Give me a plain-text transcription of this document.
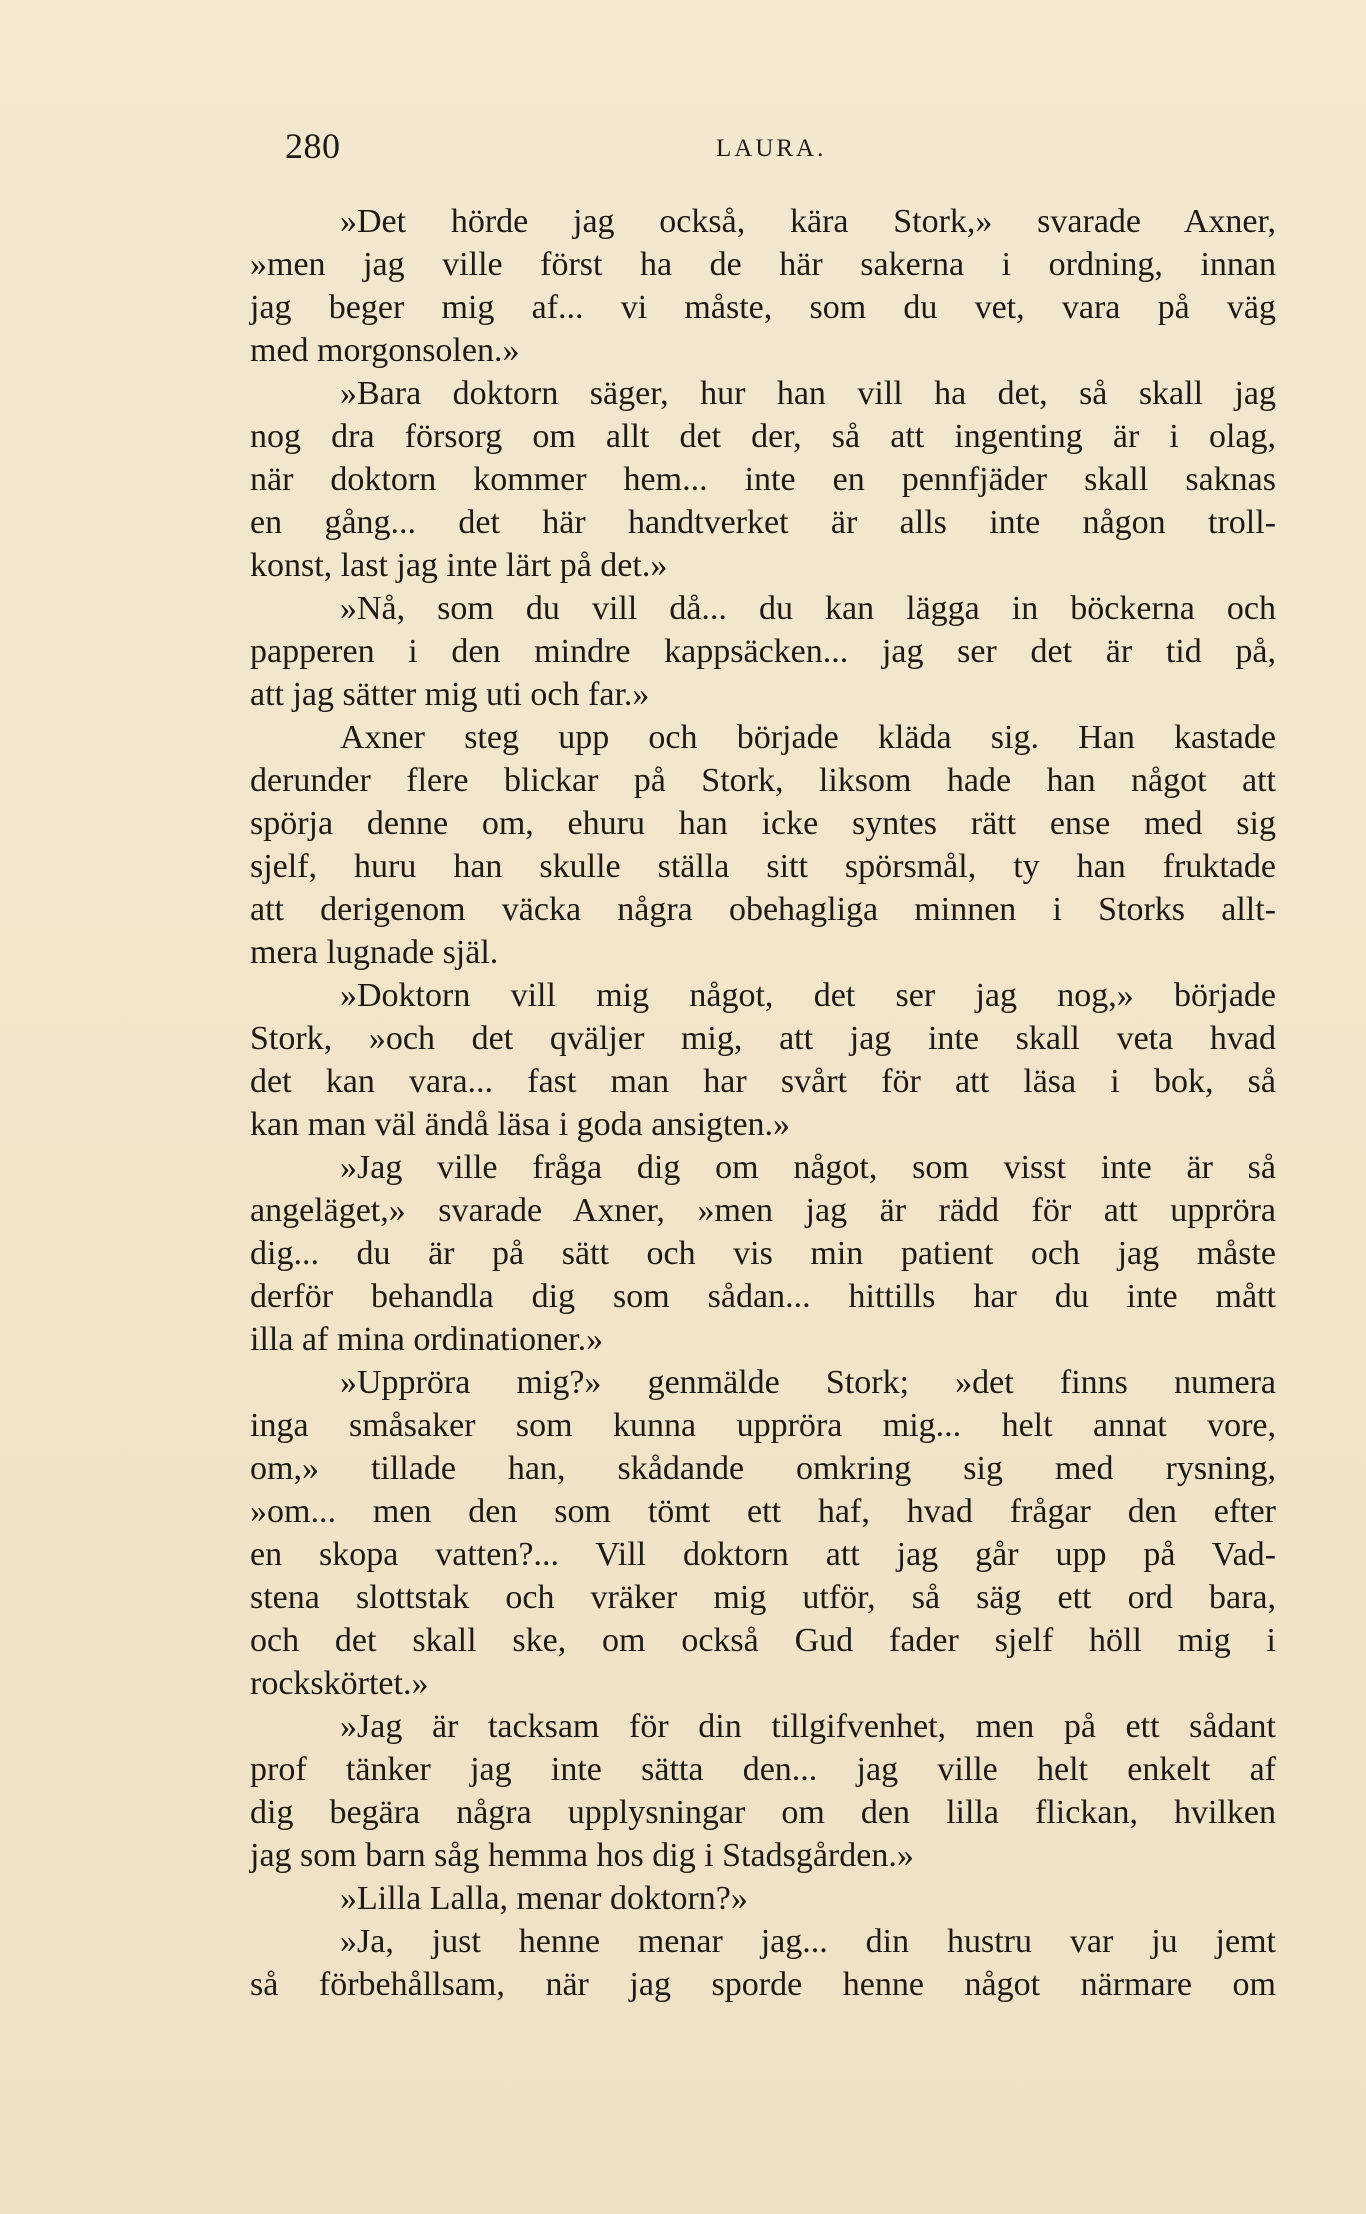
280	LAURA.
»Det hörde jag också, kära Stork,» svarade Axner,
»men jag ville först ha de här sakerna i ordning, innan
jag beger mig af... vi måste, som du vet, vara på väg
med morgonsolen.»
»Bara doktorn säger, hur han vill ha det, så skall jag
nog dra försorg om allt det der, så att ingenting är i olag,
när doktorn kommer hem... inte en pennfjäder skall saknas
en gång... det här handtverket är alls inte någon troll-
konst, last jag inte lärt på det.»
»Nå, som du vill då... du kan lägga in böckerna och
papperen i den mindre kappsäcken... jag ser det är tid på,
att jag sätter mig uti och far.»
Axner steg upp och började kläda sig. Han kastade
derunder flere blickar på Stork, liksom hade han något att
spörja denne om, ehuru han icke syntes rätt ense med sig
sjelf, huru han skulle ställa sitt spörsmål, ty han fruktade
att derigenom väcka några obehagliga minnen i Storks allt-
mera lugnade själ.
»Doktorn vill mig något, det ser jag nog,» började
Stork, »och det qväljer mig, att jag inte skall veta hvad
det kan vara... fast man har svårt för att läsa i bok, så
kan man väl ändå läsa i goda ansigten.»
»Jag ville fråga dig om något, som visst inte är så
angeläget,» svarade Axner, »men jag är rädd för att uppröra
dig... du är på sätt och vis min patient och jag måste
derför behandla dig som sådan... hittills har du inte mått
illa af mina ordinationer.»
»Uppröra mig?» genmälde Stork; »det finns numera
inga småsaker som kunna uppröra mig... helt annat vore,
om,» tillade han, skådande omkring sig med rysning,
»om... men den som tömt ett haf, hvad frågar den efter
en skopa vatten?... Vill doktorn att jag går upp på Vad-
stena slottstak och vräker mig utför, så säg ett ord bara,
och det skall ske, om också Gud fader sjelf höll mig i
rockskörtet.»
»Jag är tacksam för din tillgifvenhet, men på ett sådant
prof tänker jag inte sätta den... jag ville helt enkelt af
dig begära några upplysningar om den lilla flickan, hvilken
jag som barn såg hemma hos dig i Stadsgården.»
»Lilla Lalla, menar doktorn?»
»Ja, just henne menar jag... din hustru var ju jemt
så förbehållsam, när jag sporde henne något närmare om
